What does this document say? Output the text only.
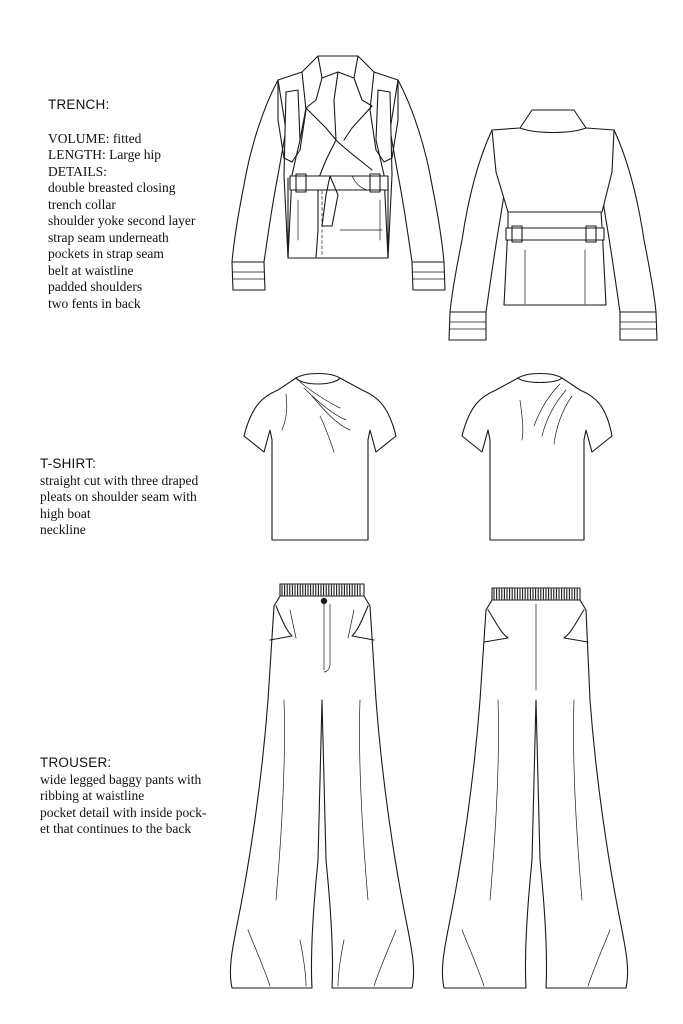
TRENCH:
VOLUME: fitted
LENGTH: Large hip
DETAILS:
double breasted closing
trench collar
shoulder yoke second layer
strap seam underneath
pockets in strap seam
belt at waistline
padded shoulders
two fents in back
T-SHIRT:
straight cut with three draped
pleats on shoulder seam with
high boat
neckline
TROUSER:
wide legged baggy pants with
ribbing at waistline
pocket detail with inside pock-
et that continues to the back
